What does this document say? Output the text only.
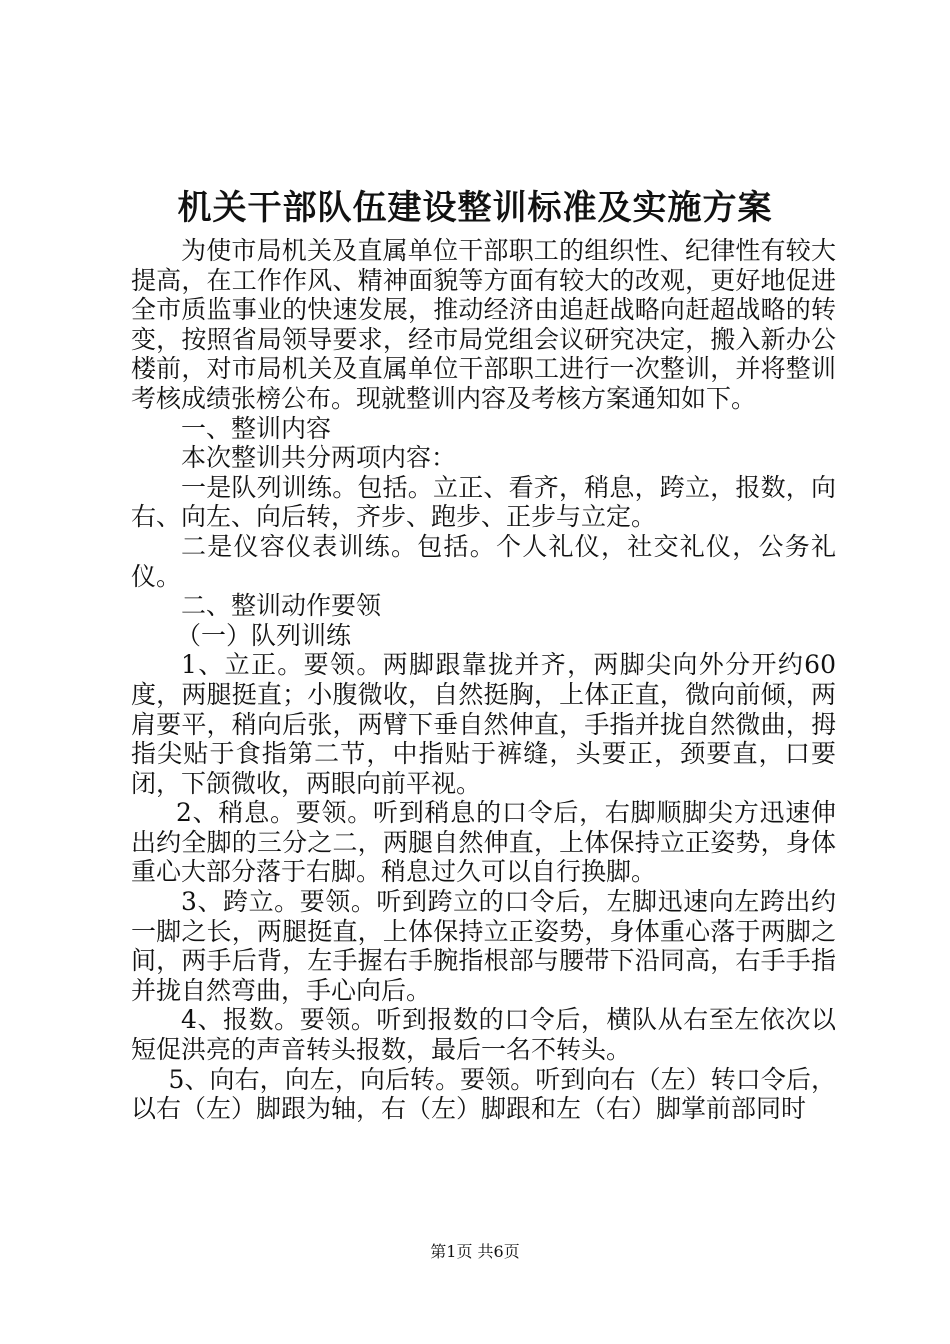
机关干部队伍建设整训标准及实施方案

为使市局机关及直属单位干部职工的组织性、纪律性有较大提高，在工作作风、精神面貌等方面有较大的改观，更好地促进全市质监事业的快速发展，推动经济由追赶战略向赶超战略的转变，按照省局领导要求，经市局党组会议研究决定，搬入新办公楼前，对市局机关及直属单位干部职工进行一次整训，并将整训考核成绩张榜公布。现就整训内容及考核方案通知如下。

一、整训内容

本次整训共分两项内容：

一是队列训练。包括。立正、看齐，稍息，跨立，报数，向右、向左、向后转，齐步、跑步、正步与立定。

二是仪容仪表训练。包括。个人礼仪，社交礼仪，公务礼仪。

二、整训动作要领

（一）队列训练

1、立正。要领。两脚跟靠拢并齐，两脚尖向外分开约60度，两腿挺直；小腹微收，自然挺胸，上体正直，微向前倾，两肩要平，稍向后张，两臂下垂自然伸直，手指并拢自然微曲，拇指尖贴于食指第二节，中指贴于裤缝，头要正，颈要直，口要闭，下颌微收，两眼向前平视。

2、稍息。要领。听到稍息的口令后，右脚顺脚尖方迅速伸出约全脚的三分之二，两腿自然伸直，上体保持立正姿势，身体重心大部分落于右脚。稍息过久可以自行换脚。

3、跨立。要领。听到跨立的口令后，左脚迅速向左跨出约一脚之长，两腿挺直，上体保持立正姿势，身体重心落于两脚之间，两手后背，左手握右手腕指根部与腰带下沿同高，右手手指并拢自然弯曲，手心向后。

4、报数。要领。听到报数的口令后，横队从右至左依次以短促洪亮的声音转头报数，最后一名不转头。

5、向右，向左，向后转。要领。听到向右（左）转口令后，以右（左）脚跟为轴，右（左）脚跟和左（右）脚掌前部同时

第1页 共6页
